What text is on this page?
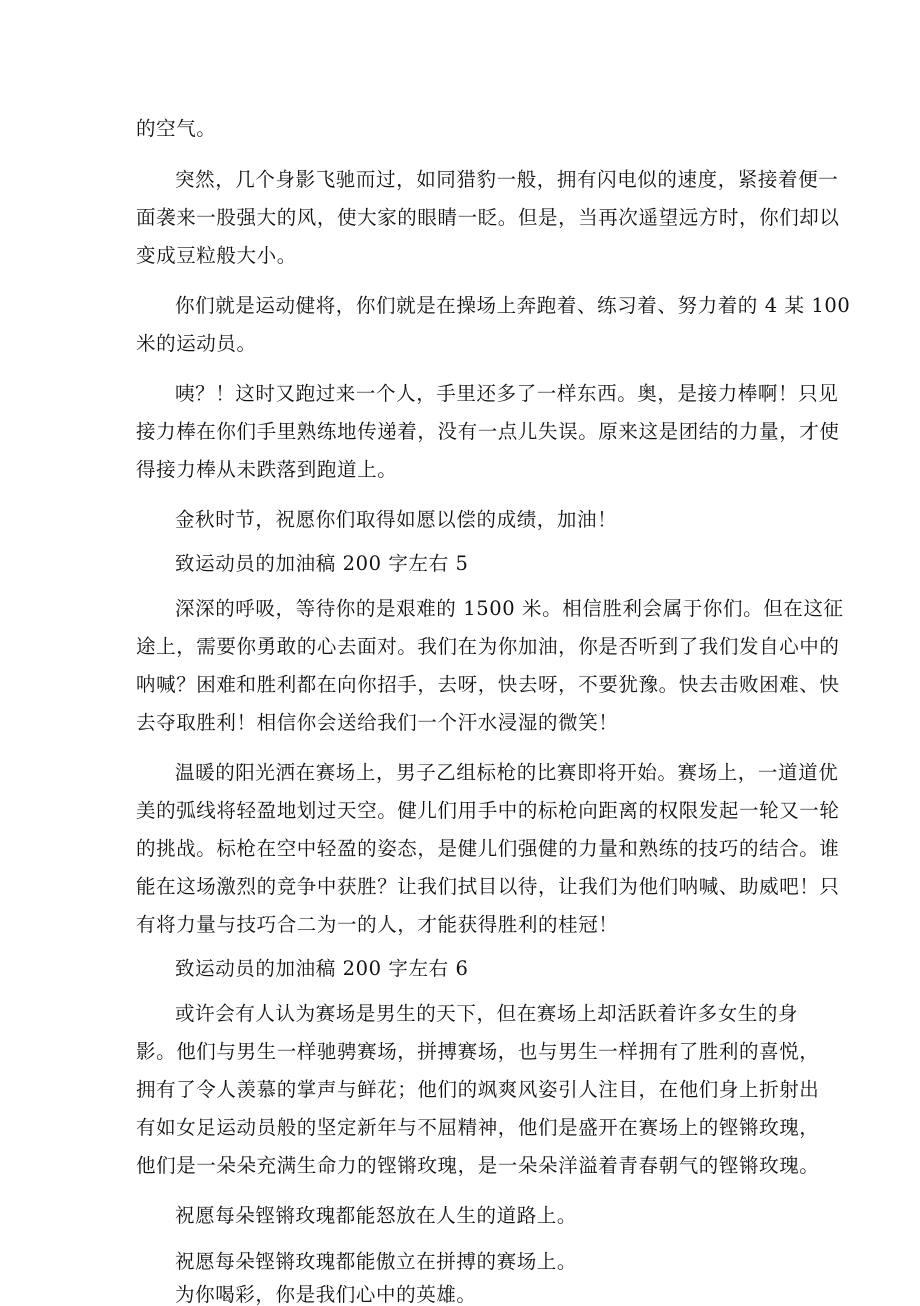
的空气。
突然，几个身影飞驰而过，如同猎豹一般，拥有闪电似的速度，紧接着便一
面袭来一股强大的风，使大家的眼睛一眨。但是，当再次遥望远方时，你们却以
变成豆粒般大小。
你们就是运动健将，你们就是在操场上奔跑着、练习着、努力着的 4 某 100
米的运动员。
咦？！这时又跑过来一个人，手里还多了一样东西。奥，是接力棒啊！只见
接力棒在你们手里熟练地传递着，没有一点儿失误。原来这是团结的力量，才使
得接力棒从未跌落到跑道上。
金秋时节，祝愿你们取得如愿以偿的成绩，加油！
致运动员的加油稿 200 字左右 5
深深的呼吸，等待你的是艰难的 1500 米。相信胜利会属于你们。但在这征
途上，需要你勇敢的心去面对。我们在为你加油，你是否听到了我们发自心中的
呐喊？困难和胜利都在向你招手，去呀，快去呀，不要犹豫。快去击败困难、快
去夺取胜利！相信你会送给我们一个汗水浸湿的微笑！
温暖的阳光洒在赛场上，男子乙组标枪的比赛即将开始。赛场上，一道道优
美的弧线将轻盈地划过天空。健儿们用手中的标枪向距离的权限发起一轮又一轮
的挑战。标枪在空中轻盈的姿态，是健儿们强健的力量和熟练的技巧的结合。谁
能在这场激烈的竞争中获胜？让我们拭目以待，让我们为他们呐喊、助威吧！只
有将力量与技巧合二为一的人，才能获得胜利的桂冠！
致运动员的加油稿 200 字左右 6
或许会有人认为赛场是男生的天下，但在赛场上却活跃着许多女生的身
影。他们与男生一样驰骋赛场，拼搏赛场，也与男生一样拥有了胜利的喜悦，
拥有了令人羡慕的掌声与鲜花；他们的飒爽风姿引人注目，在他们身上折射出
有如女足运动员般的坚定新年与不屈精神，他们是盛开在赛场上的铿锵玫瑰，
他们是一朵朵充满生命力的铿锵玫瑰，是一朵朵洋溢着青春朝气的铿锵玫瑰。
祝愿每朵铿锵玫瑰都能怒放在人生的道路上。
祝愿每朵铿锵玫瑰都能傲立在拼搏的赛场上。
为你喝彩，你是我们心中的英雄。
